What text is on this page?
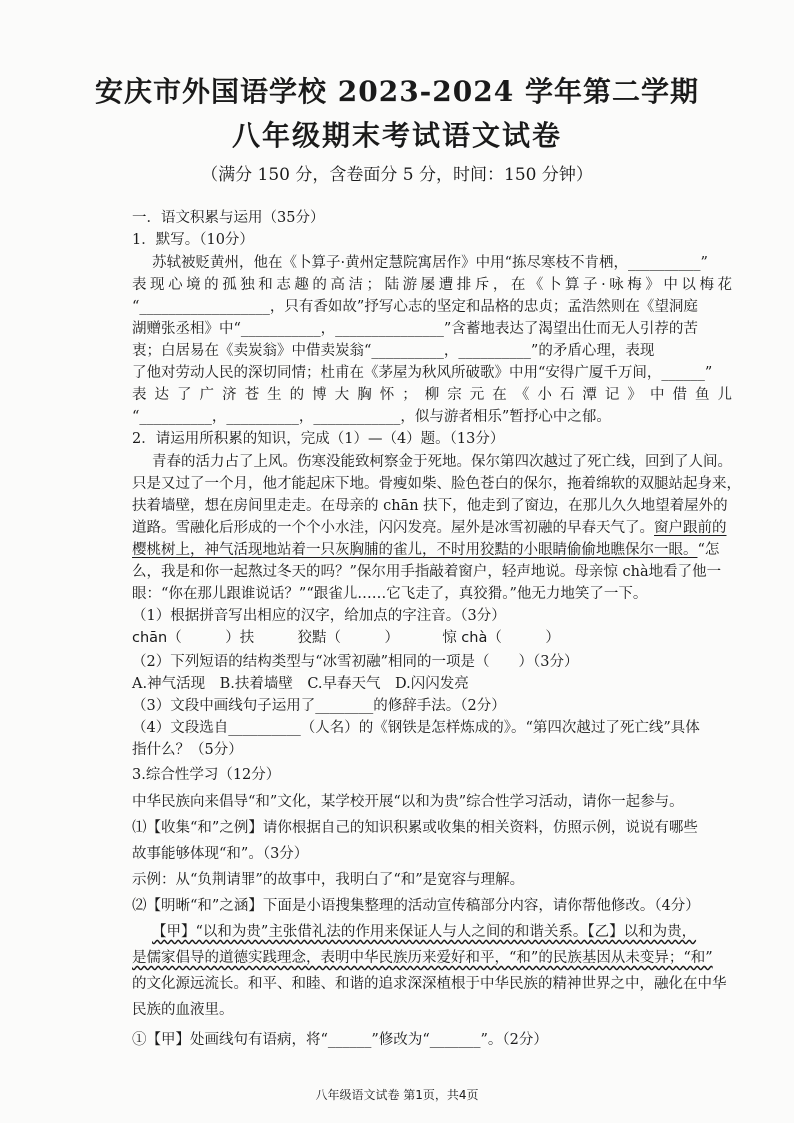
安庆市外国语学校 2023-2024 学年第二学期
八年级期末考试语文试卷
（满分 150 分，含卷面分 5 分，时间：150 分钟）
一．语文积累与运用（35分）
1．默写。（10分）
苏轼被贬黄州，他在《卜算子·黄州定慧院寓居作》中用“拣尽寒枝不肯栖，__________”
表现心境的孤独和志趣的高洁；陆游屡遭排斥，在《卜算子·咏梅》中以梅花
“__________________，只有香如故”抒写心志的坚定和品格的忠贞；孟浩然则在《望洞庭
湖赠张丞相》中“___________，_______________”含蓄地表达了渴望出仕而无人引荐的苦
衷；白居易在《卖炭翁》中借卖炭翁“__________，__________”的矛盾心理，表现
了他对劳动人民的深切同情；杜甫在《茅屋为秋风所破歌》中用“安得广厦千万间，______”
表达了广济苍生的博大胸怀；柳宗元在《小石潭记》中借鱼儿
“__________，__________，____________，似与游者相乐”暂抒心中之郁。
2．请运用所积累的知识，完成（1）—（4）题。（13分）
青春的活力占了上风。伤寒没能致柯察金于死地。保尔第四次越过了死亡线，回到了人间。
只是又过了一个月，他才能起床下地。骨瘦如柴、脸色苍白的保尔，拖着绵软的双腿站起身来，
扶着墙壁，想在房间里走走。在母亲的 chān 扶下，他走到了窗边，在那儿久久地望着屋外的
道路。雪融化后形成的一个个小水洼，闪闪发亮。屋外是冰雪初融的早春天气了。窗户跟前的
樱桃树上，神气活现地站着一只灰胸脯的雀儿，不时用狡黠的小眼睛偷偷地瞧保尔一眼。“怎
么，我是和你一起熬过冬天的吗？”保尔用手指敲着窗户，轻声地说。母亲惊 chà地看了他一
眼：“你在那儿跟谁说话？”“跟雀儿……它飞走了，真狡猾。”他无力地笑了一下。
（1）根据拼音写出相应的汉字，给加点的字注音。（3分）
chān（　　　）扶	狡黠（　　　）	惊 chà（　　　）
（2）下列短语的结构类型与“冰雪初融”相同的一项是（　　）（3分）
A.神气活现　B.扶着墙壁　C.早春天气　D.闪闪发亮
（3）文段中画线句子运用了________的修辞手法。（2分）
（4）文段选自__________（人名）的《钢铁是怎样炼成的》。“第四次越过了死亡线”具体
指什么？（5分）
3.综合性学习（12分）
中华民族向来倡导“和”文化，某学校开展“以和为贵”综合性学习活动，请你一起参与。
⑴【收集“和”之例】请你根据自己的知识积累或收集的相关资料，仿照示例，说说有哪些
故事能够体现“和”。（3分）
示例：从“负荆请罪”的故事中，我明白了“和”是宽容与理解。
⑵【明晰“和”之涵】下面是小语搜集整理的活动宣传稿部分内容，请你帮他修改。（4分）
【甲】“以和为贵”主张借礼法的作用来保证人与人之间的和谐关系。【乙】以和为贵，
是儒家倡导的道德实践理念，表明中华民族历来爱好和平，“和”的民族基因从未变异；“和”
的文化源远流长。和平、和睦、和谐的追求深深植根于中华民族的精神世界之中，融化在中华
民族的血液里。
①【甲】处画线句有语病，将“______”修改为“_______”。（2分）
八年级语文试卷 第1页，共4页
